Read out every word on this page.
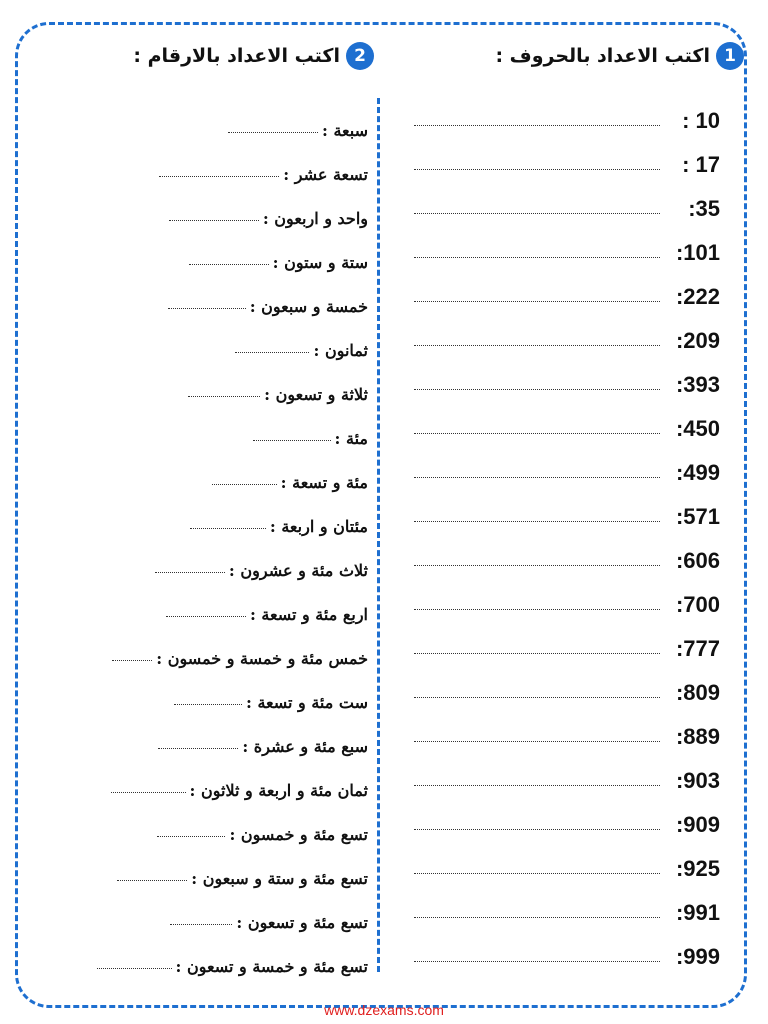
1
اكتب الاعداد بالحروف :
2
اكتب الاعداد بالارقام :
: 10
: 17
:35
:101
:222
:209
:393
:450
:499
:571
:606
:700
:777
:809
:889
:903
:909
:925
:991
:999
سبعة :
تسعة عشر :
واحد و اربعون :
ستة و ستون :
خمسة و سبعون :
ثمانون :
ثلاثة و تسعون :
مئة :
مئة و تسعة :
مئتان و اربعة :
ثلاث مئة و عشرون :
اربع مئة و تسعة :
خمس مئة و خمسة و خمسون :
ست مئة و تسعة :
سبع مئة و عشرة :
ثمان مئة و اربعة و ثلاثون :
تسع مئة و خمسون :
تسع مئة و ستة و سبعون :
تسع مئة و تسعون :
تسع مئة و خمسة و تسعون :
www.dzexams.com
